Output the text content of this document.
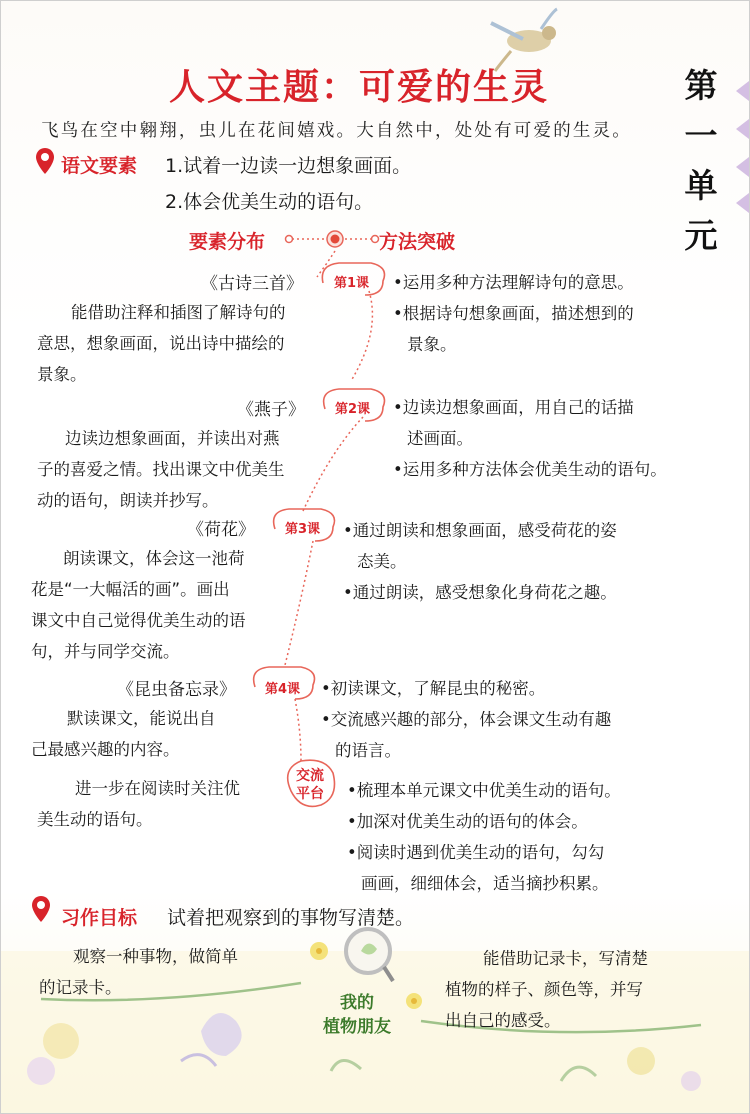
人文主题：可爱的生灵	第
一
单
元
飞鸟在空中翱翔，虫儿在花间嬉戏。大自然中，处处有可爱的生灵。
语文要素 1.试着一边读一边想象画面。
2.体会优美生动的语句。
要素分布	方法突破
《古诗三首》 第1课
能借助注释和插图了解诗句的
意思，想象画面，说出诗中描绘的
景象。
•运用多种方法理解诗句的意思。
•根据诗句想象画面，描述想到的
景象。
《燕子》 第2课
边读边想象画面，并读出对燕
子的喜爱之情。找出课文中优美生
动的语句，朗读并抄写。
•边读边想象画面，用自己的话描
述画面。
•运用多种方法体会优美生动的语句。
《荷花》 第3课
朗读课文，体会这一池荷
花是“一大幅活的画”。画出
课文中自己觉得优美生动的语
句，并与同学交流。
•通过朗读和想象画面，感受荷花的姿
态美。
•通过朗读，感受想象化身荷花之趣。
《昆虫备忘录》 第4课
默读课文，能说出自
己最感兴趣的内容。
•初读课文，了解昆虫的秘密。
•交流感兴趣的部分，体会课文生动有趣
的语言。
交流
平台
进一步在阅读时关注优
美生动的语句。
•梳理本单元课文中优美生动的语句。
•加深对优美生动的语句的体会。
•阅读时遇到优美生动的语句，勾勾
画画，细细体会，适当摘抄积累。
习作目标 试着把观察到的事物写清楚。
观察一种事物，做简单
的记录卡。
我的
植物朋友
能借助记录卡，写清楚
植物的样子、颜色等，并写
出自己的感受。
